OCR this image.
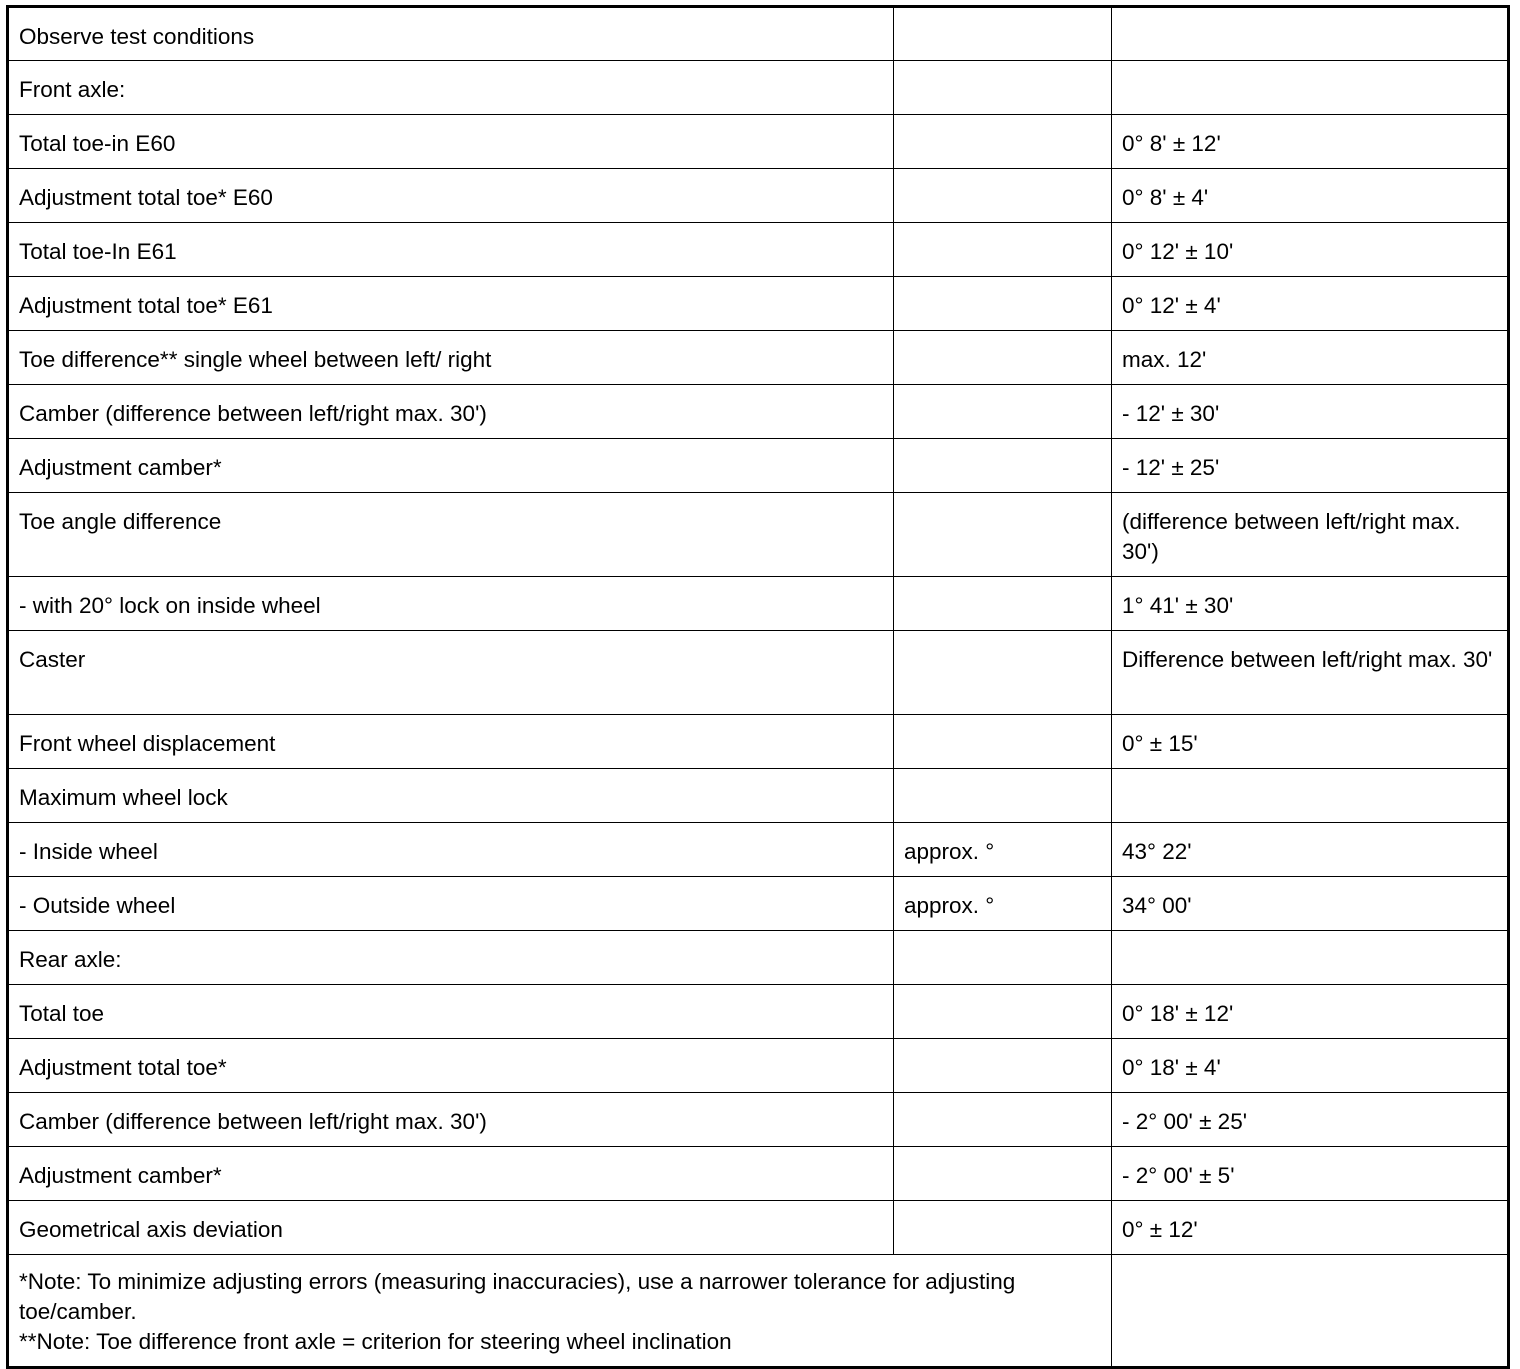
Observe test conditions		
Front axle:		
Total toe-in E60		0° 8' ± 12'
Adjustment total toe* E60		0° 8' ± 4'
Total toe-In E61		0° 12' ± 10'
Adjustment total toe* E61		0° 12' ± 4'
Toe difference** single wheel between left/ right		max. 12'
Camber (difference between left/right max. 30')		- 12' ± 30'
Adjustment camber*		- 12' ± 25'
Toe angle difference		(difference between left/right max. 30')
- with 20° lock on inside wheel		1° 41' ± 30'
Caster		Difference between left/right max. 30'
Front wheel displacement		0° ± 15'
Maximum wheel lock		
- Inside wheel	approx. °	43° 22'
- Outside wheel	approx. °	34° 00'
Rear axle:		
Total toe		0° 18' ± 12'
Adjustment total toe*		0° 18' ± 4'
Camber (difference between left/right max. 30')		- 2° 00' ± 25'
Adjustment camber*		- 2° 00' ± 5'
Geometrical axis deviation		0° ± 12'

*Note: To minimize adjusting errors (measuring inaccuracies), use a narrower tolerance for adjusting toe/camber.
**Note: Toe difference front axle = criterion for steering wheel inclination		
